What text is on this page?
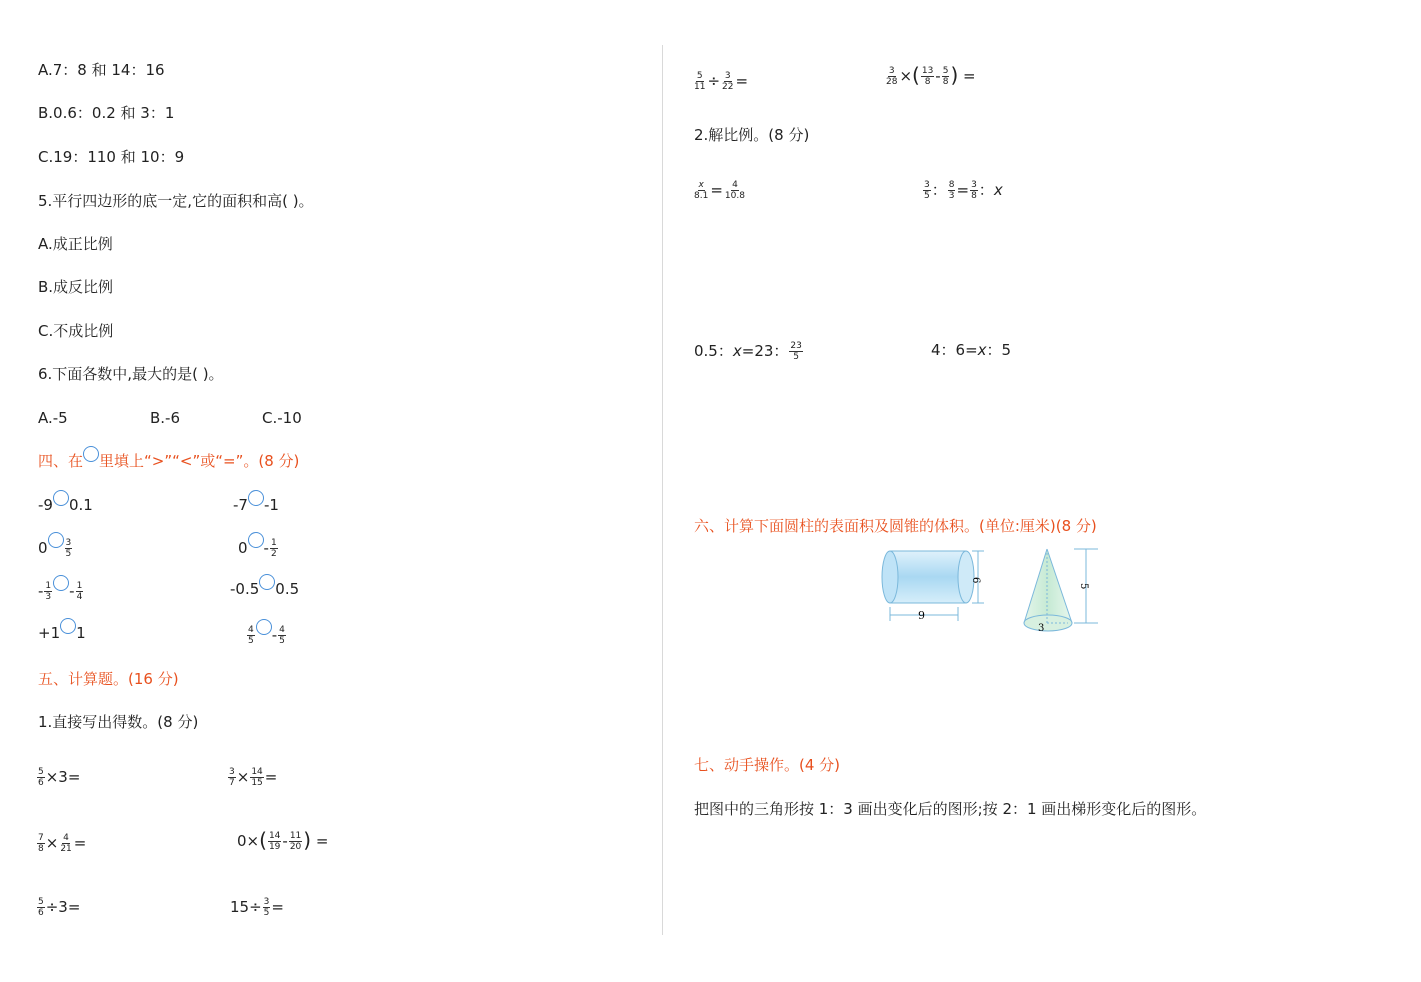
A.7：8 和 14：16
B.0.6：0.2 和 3：1
C.19：110 和 10：9
5.平行四边形的底一定,它的面积和高( )。
A.成正比例
B.成反比例
C.不成比例
6.下面各数中,最大的是( )。
A.-5	B.-6	C.-10
四、在 里填上“>”“<”或“=”。(8 分)
-9 0.1	-7 -1
$0 \frac{3}{5}$	$0 - \frac{1}{2}$
- $\frac{1}{3} - \frac{1}{4}$	-0.5 0.5
+1 1	$\frac{4}{5} - \frac{4}{5}$
五、计算题。(16 分)
1.直接写出得数。(8 分)
$\frac{5}{6} \times 3=$	$\frac{3}{7} \times \frac{14}{15}$ =
$\frac{7}{8} \times \frac{4}{21}$ =	$0\times( \frac{14}{19} - \frac{11}{20}$ ) =
$\frac{5}{6} \div 3=$	$15\div \frac{3}{5}$ =
$\frac{5}{11} \div \frac{3}{22}$ =	$\frac{3}{28}$ ×( $\frac{13}{8} - \frac{5}{8}$ ) =
2.解比例。(8 分)
$\frac{x}{8.1} = \frac{4}{10.8}$	$\frac{3}{5}$ ： $\frac{8}{3} = \frac{3}{8}$ ：x
0.5：x=23： $\frac{23}{5}$	4：6=x：5
六、计算下面圆柱的表面积及圆锥的体积。(单位:厘米)(8 分)
6
9
3
5
七、动手操作。(4 分)
把图中的三角形按 1：3 画出变化后的图形;按 2：1 画出梯形变化后的图形。
